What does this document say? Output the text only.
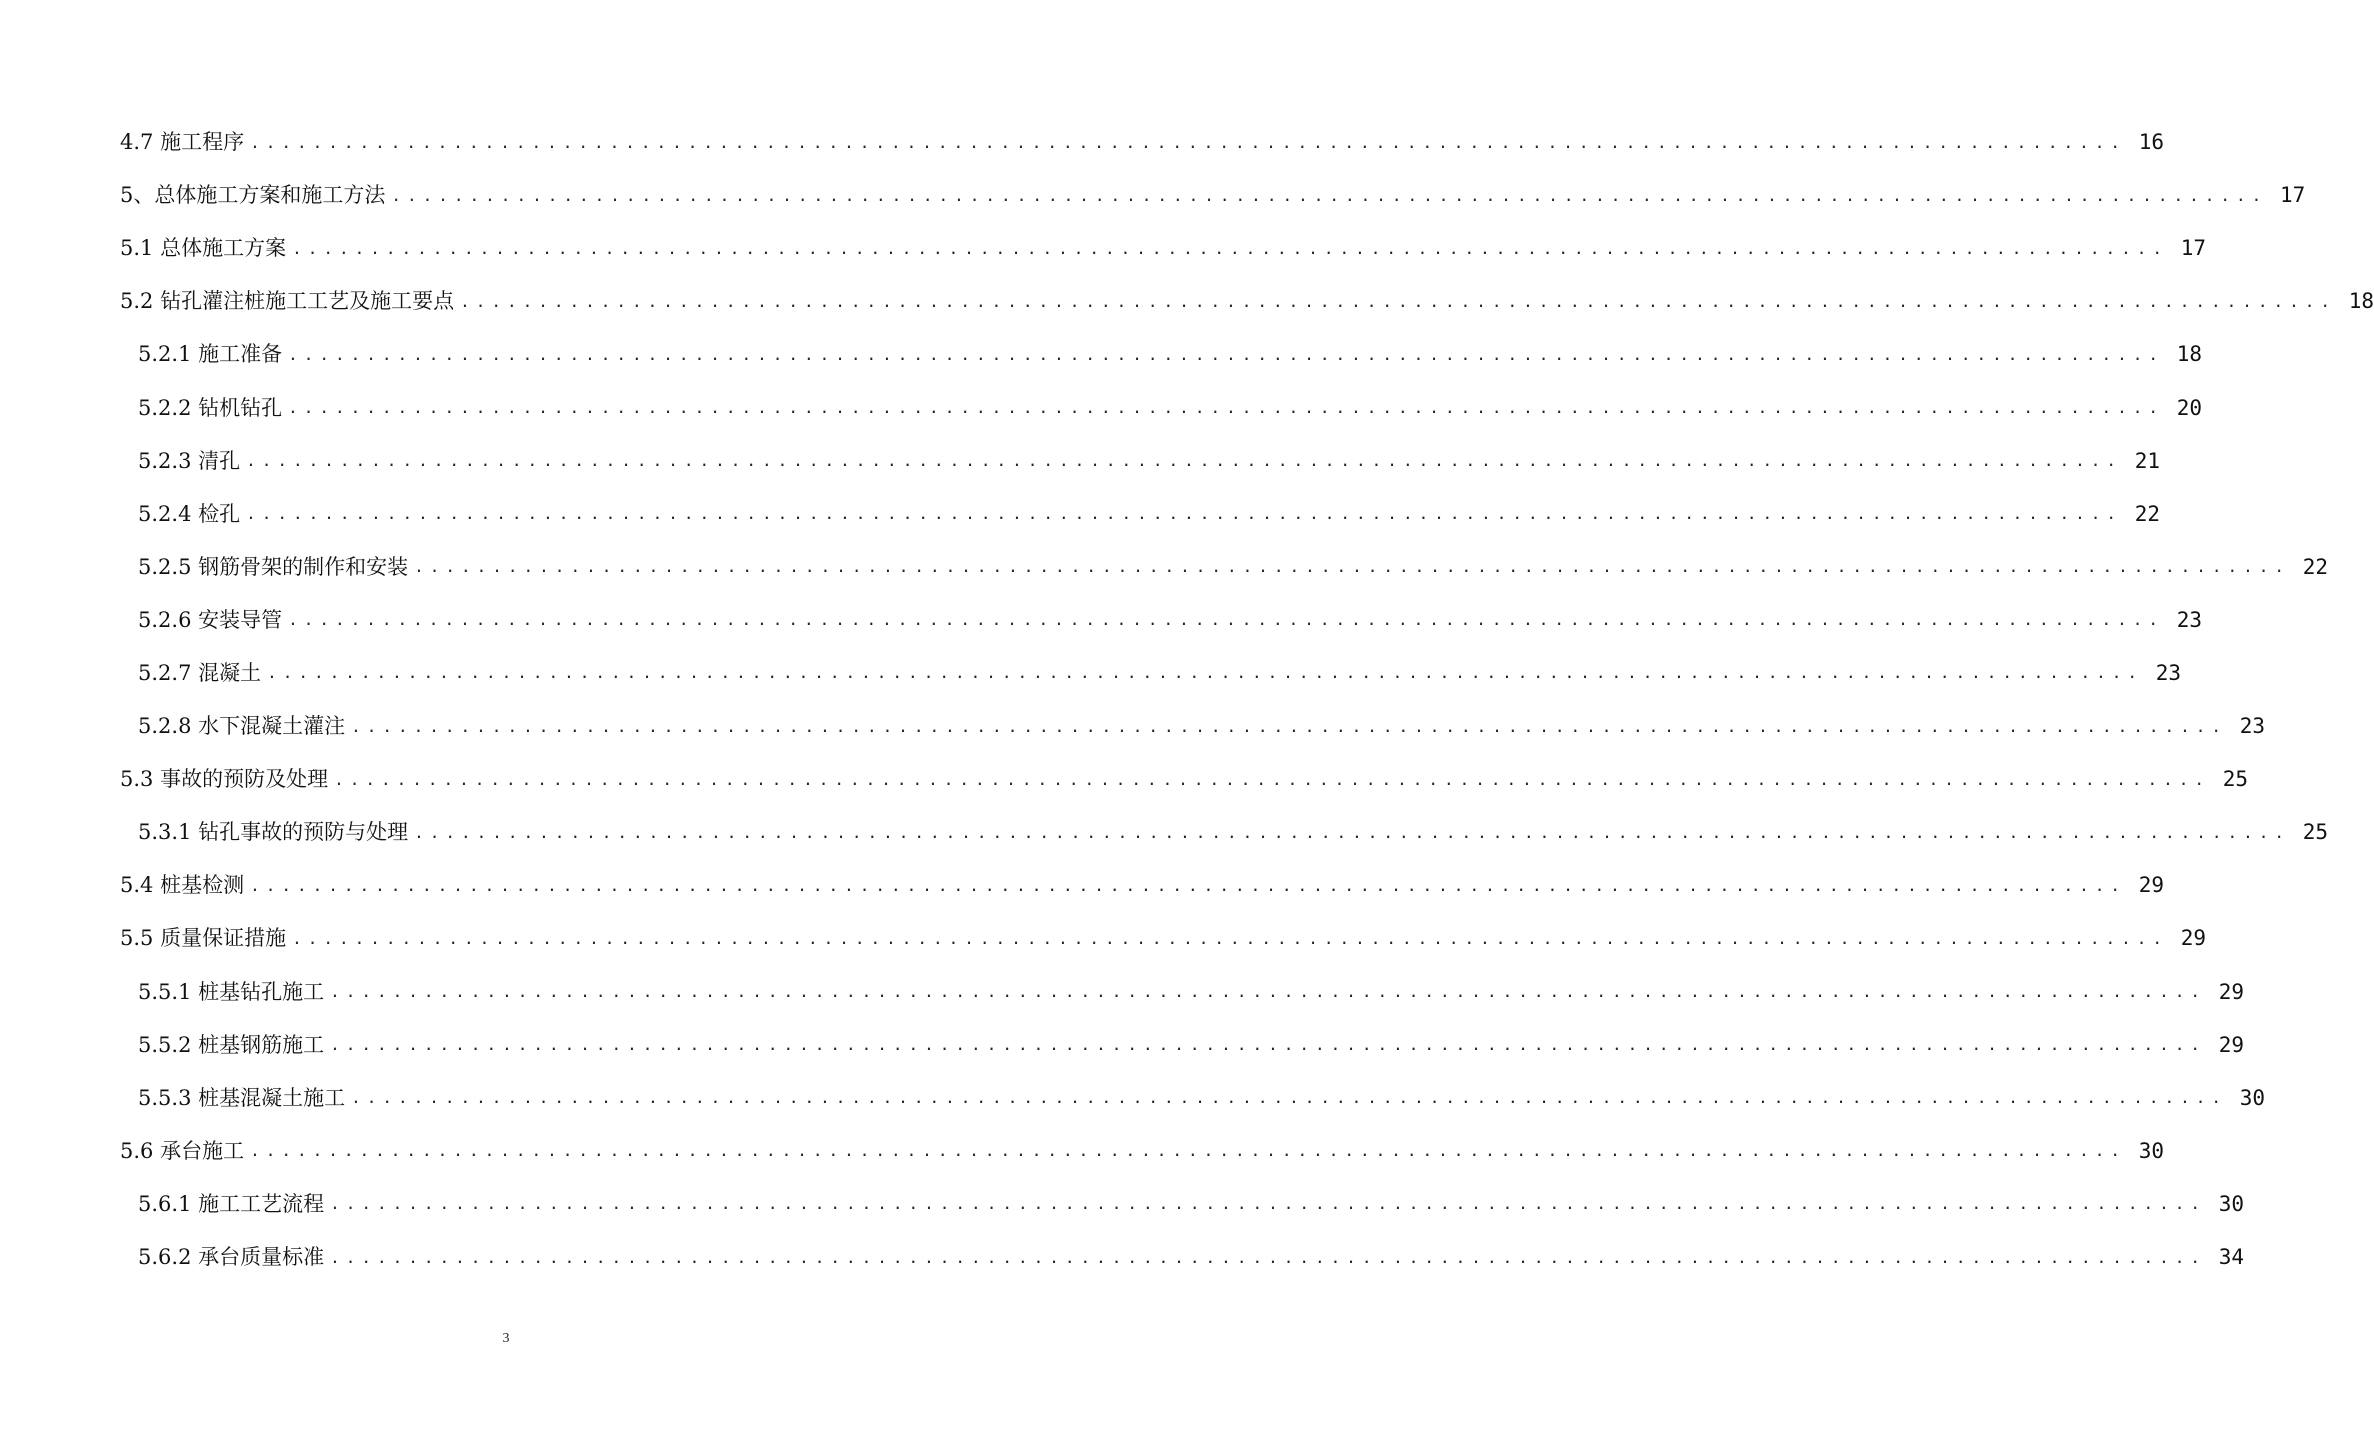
4.7 施工程序 ........................................................................................................................ 16
5、总体施工方案和施工方法 ........................................................................................................................ 17
5.1 总体施工方案 ........................................................................................................................ 17
5.2 钻孔灌注桩施工工艺及施工要点 ........................................................................................................................ 18
5.2.1 施工准备 ........................................................................................................................ 18
5.2.2 钻机钻孔 ........................................................................................................................ 20
5.2.3 清孔 ........................................................................................................................ 21
5.2.4 检孔 ........................................................................................................................ 22
5.2.5 钢筋骨架的制作和安装 ........................................................................................................................ 22
5.2.6 安装导管 ........................................................................................................................ 23
5.2.7 混凝土 ........................................................................................................................ 23
5.2.8 水下混凝土灌注 ........................................................................................................................ 23
5.3 事故的预防及处理 ........................................................................................................................ 25
5.3.1 钻孔事故的预防与处理 ........................................................................................................................ 25
5.4 桩基检测 ........................................................................................................................ 29
5.5 质量保证措施 ........................................................................................................................ 29
5.5.1 桩基钻孔施工 ........................................................................................................................ 29
5.5.2 桩基钢筋施工 ........................................................................................................................ 29
5.5.3 桩基混凝土施工 ........................................................................................................................ 30
5.6 承台施工 ........................................................................................................................ 30
5.6.1 施工工艺流程 ........................................................................................................................ 30
5.6.2 承台质量标准 ........................................................................................................................ 34
3
